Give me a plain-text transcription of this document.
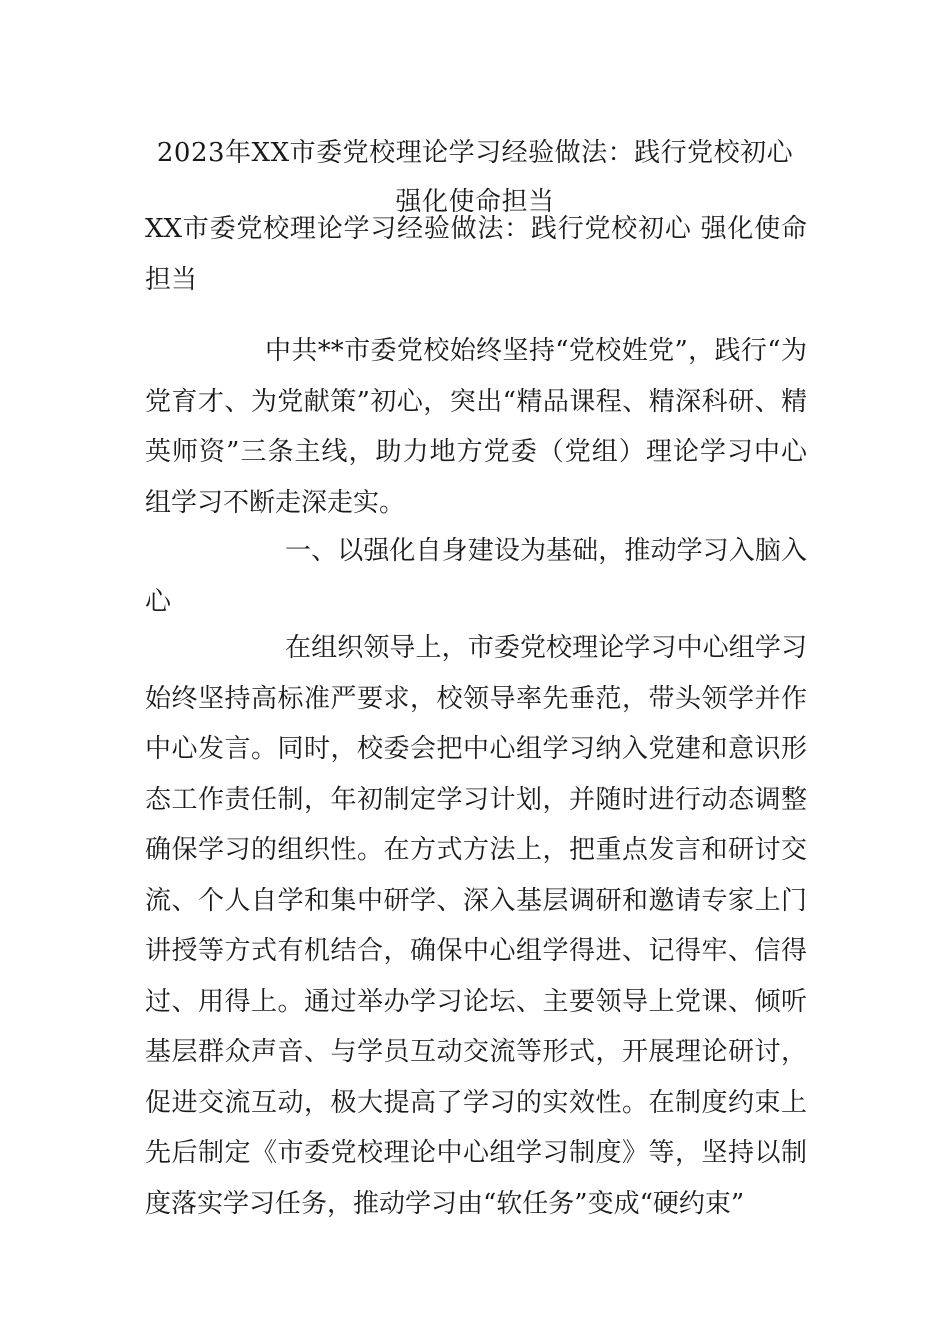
2023年XX市委党校理论学习经验做法：践行党校初心
强化使命担当
XX市委党校理论学习经验做法：践行党校初心 强化使命担当
中共**市委党校始终坚持“党校姓党”，践行“为党育才、为党献策”初心，突出“精品课程、精深科研、精英师资”三条主线，助力地方党委（党组）理论学习中心组学习不断走深走实。
一、以强化自身建设为基础，推动学习入脑入心
在组织领导上，市委党校理论学习中心组学习始终坚持高标准严要求，校领导率先垂范，带头领学并作中心发言。同时，校委会把中心组学习纳入党建和意识形态工作责任制，年初制定学习计划，并随时进行动态调整确保学习的组织性。在方式方法上，把重点发言和研讨交流、个人自学和集中研学、深入基层调研和邀请专家上门讲授等方式有机结合，确保中心组学得进、记得牢、信得过、用得上。通过举办学习论坛、主要领导上党课、倾听基层群众声音、与学员互动交流等形式，开展理论研讨，促进交流互动，极大提高了学习的实效性。在制度约束上先后制定《市委党校理论中心组学习制度》等，坚持以制度落实学习任务，推动学习由“软任务”变成“硬约束”
